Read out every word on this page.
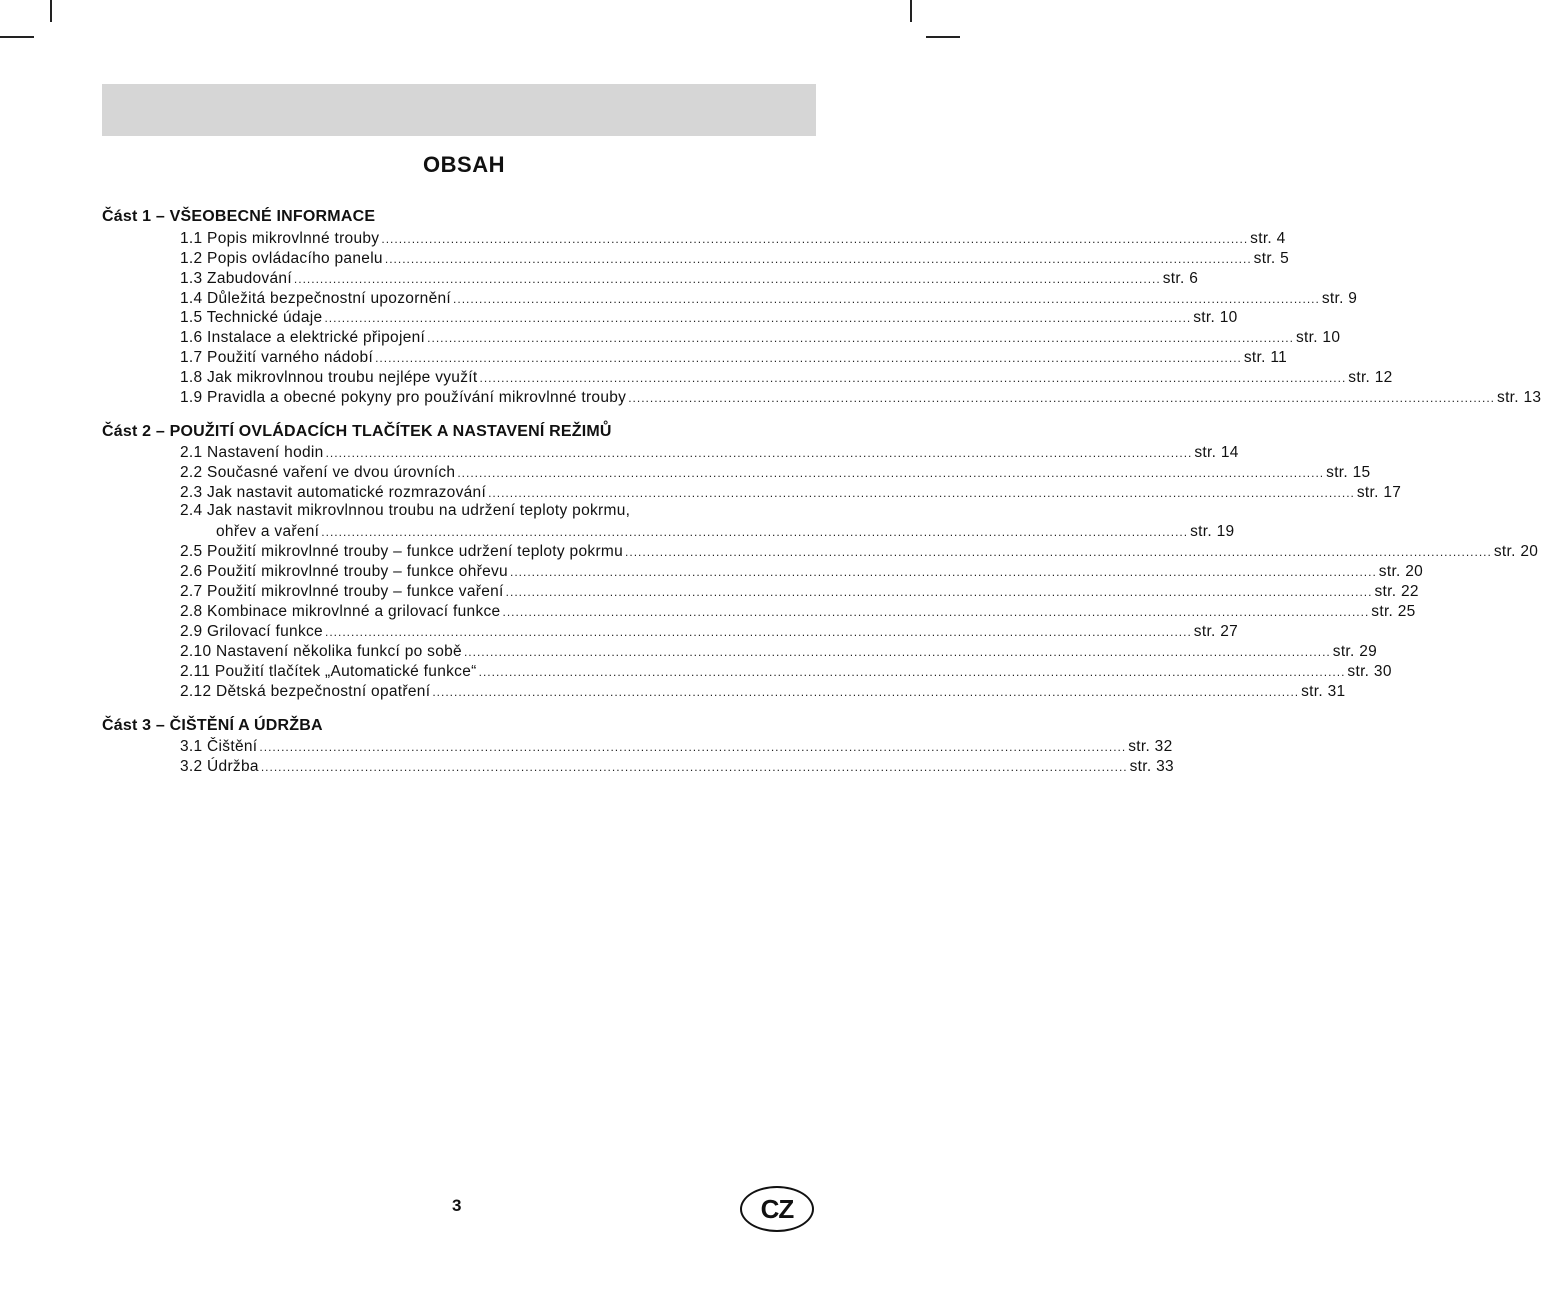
OBSAH
Část 1 – VŠEOBECNÉ INFORMACE
1.1 Popis mikrovlnné trouby ........................................................................................................................................................................................................ str. 4
1.2 Popis ovládacího panelu ........................................................................................................................................................................................................ str. 5
1.3 Zabudování ........................................................................................................................................................................................................ str. 6
1.4 Důležitá bezpečnostní upozornění ........................................................................................................................................................................................................ str. 9
1.5 Technické údaje ........................................................................................................................................................................................................ str. 10
1.6 Instalace a elektrické připojení ........................................................................................................................................................................................................ str. 10
1.7 Použití varného nádobí ........................................................................................................................................................................................................ str. 11
1.8 Jak mikrovlnnou troubu nejlépe využít ........................................................................................................................................................................................................ str. 12
1.9 Pravidla a obecné pokyny pro používání mikrovlnné trouby ........................................................................................................................................................................................................ str. 13
Část 2 – POUŽITÍ OVLÁDACÍCH TLAČÍTEK A NASTAVENÍ REŽIMŮ
2.1 Nastavení hodin ........................................................................................................................................................................................................ str. 14
2.2 Současné vaření ve dvou úrovních ........................................................................................................................................................................................................ str. 15
2.3 Jak nastavit automatické rozmrazování ........................................................................................................................................................................................................ str. 17
2.4 Jak nastavit mikrovlnnou troubu na udržení teploty pokrmu,
ohřev a vaření ........................................................................................................................................................................................................ str. 19
2.5 Použití mikrovlnné trouby – funkce udržení teploty pokrmu ........................................................................................................................................................................................................ str. 20
2.6 Použití mikrovlnné trouby – funkce ohřevu ........................................................................................................................................................................................................ str. 20
2.7 Použití mikrovlnné trouby – funkce vaření ........................................................................................................................................................................................................ str. 22
2.8 Kombinace mikrovlnné a grilovací funkce ........................................................................................................................................................................................................ str. 25
2.9 Grilovací funkce ........................................................................................................................................................................................................ str. 27
2.10 Nastavení několika funkcí po sobě ........................................................................................................................................................................................................ str. 29
2.11 Použití tlačítek „Automatické funkce“ ........................................................................................................................................................................................................ str. 30
2.12 Dětská bezpečnostní opatření ........................................................................................................................................................................................................ str. 31
Část 3 – ČIŠTĚNÍ A ÚDRŽBA
3.1 Čištění ........................................................................................................................................................................................................ str. 32
3.2 Údržba ........................................................................................................................................................................................................ str. 33
3	CZ
